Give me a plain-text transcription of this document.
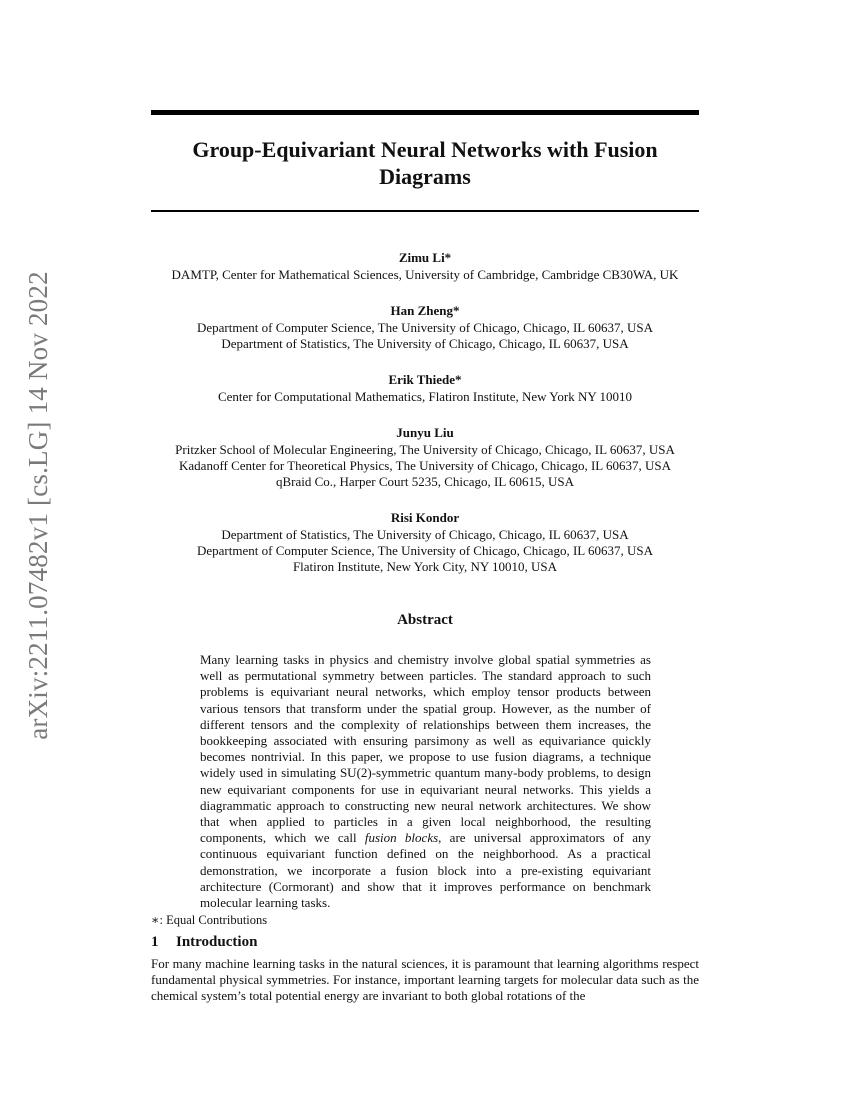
arXiv:2211.07482v1 [cs.LG] 14 Nov 2022
Group-Equivariant Neural Networks with Fusion Diagrams
Zimu Li*
DAMTP, Center for Mathematical Sciences, University of Cambridge, Cambridge CB30WA, UK
Han Zheng*
Department of Computer Science, The University of Chicago, Chicago, IL 60637, USA
Department of Statistics, The University of Chicago, Chicago, IL 60637, USA
Erik Thiede*
Center for Computational Mathematics, Flatiron Institute, New York NY 10010
Junyu Liu
Pritzker School of Molecular Engineering, The University of Chicago, Chicago, IL 60637, USA
Kadanoff Center for Theoretical Physics, The University of Chicago, Chicago, IL 60637, USA
qBraid Co., Harper Court 5235, Chicago, IL 60615, USA
Risi Kondor
Department of Statistics, The University of Chicago, Chicago, IL 60637, USA
Department of Computer Science, The University of Chicago, Chicago, IL 60637, USA
Flatiron Institute, New York City, NY 10010, USA
Abstract
Many learning tasks in physics and chemistry involve global spatial symmetries as well as permutational symmetry between particles. The standard approach to such problems is equivariant neural networks, which employ tensor products between various tensors that transform under the spatial group. However, as the number of different tensors and the complexity of relationships between them increases, the bookkeeping associated with ensuring parsimony as well as equivariance quickly becomes nontrivial. In this paper, we propose to use fusion diagrams, a technique widely used in simulating SU(2)-symmetric quantum many-body problems, to design new equivariant components for use in equivariant neural networks. This yields a diagrammatic approach to constructing new neural network architectures. We show that when applied to particles in a given local neighborhood, the resulting components, which we call fusion blocks, are universal approximators of any continuous equivariant function defined on the neighborhood. As a practical demonstration, we incorporate a fusion block into a pre-existing equivariant architecture (Cormorant) and show that it improves performance on benchmark molecular learning tasks.
∗: Equal Contributions
1 Introduction
For many machine learning tasks in the natural sciences, it is paramount that learning algorithms respect fundamental physical symmetries. For instance, important learning targets for molecular data such as the chemical system’s total potential energy are invariant to both global rotations of the
